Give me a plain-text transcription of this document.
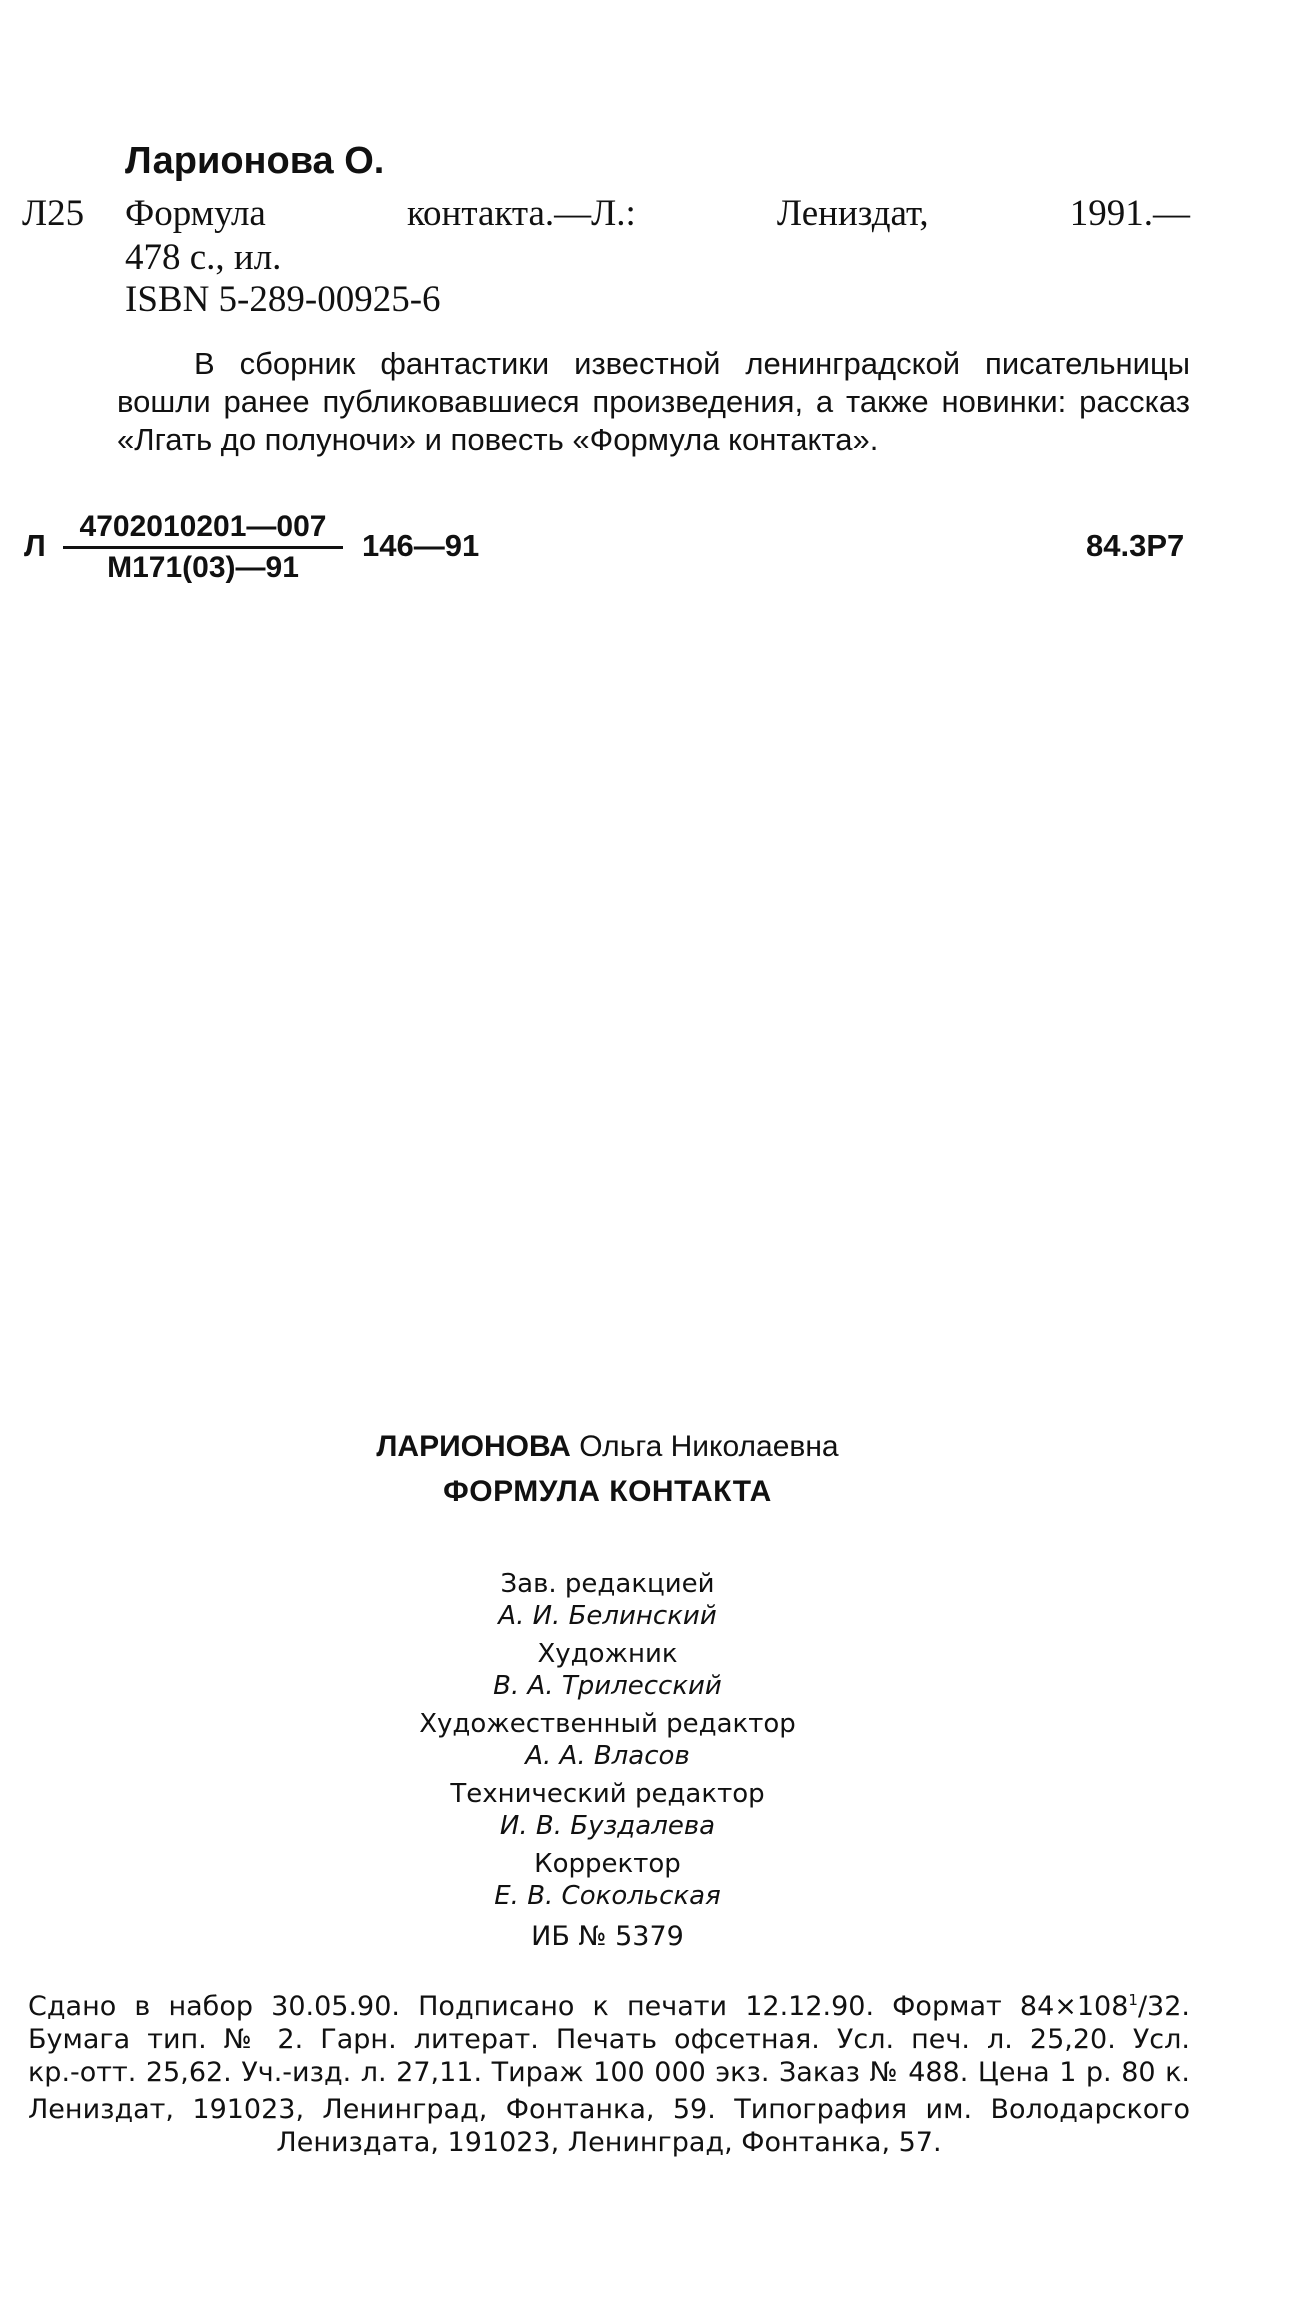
Ларионова О.
Л25 Формула	контакта.—Л.:	Лениздат,	1991.—
478 с., ил.
ISBN 5-289-00925-6

В сборник фантастики известной ленинградской писательницы вошли ранее публиковавшиеся произведения, а также новинки: рассказ «Лгать до полуночи» и повесть «Формула контакта».

Л
4702010201—007
М171(03)—91
146—91	84.3Р7
ЛАРИОНОВА Ольга Николаевна
ФОРМУЛА КОНТАКТА
Зав. редакцией
А. И. Белинский
Художник
В. А. Трилесский
Художественный редактор
А. А. Власов
Технический редактор
И. В. Буздалева
Корректор
Е. В. Сокольская
ИБ № 5379
Сдано в набор 30.05.90. Подписано к печати 12.12.90. Формат $84\times 108^1/32$.
Бумага тип. № 2. Гарн. литерат. Печать офсетная. Усл. печ. л. 25,20. Усл.
кр.-отт. 25,62. Уч.-изд. л. 27,11. Тираж 100 000 экз. Заказ № 488. Цена 1 р. 80 к.
Лениздат, 191023, Ленинград, Фонтанка, 59. Типография им. Володарского
Лениздата, 191023, Ленинград, Фонтанка, 57.
